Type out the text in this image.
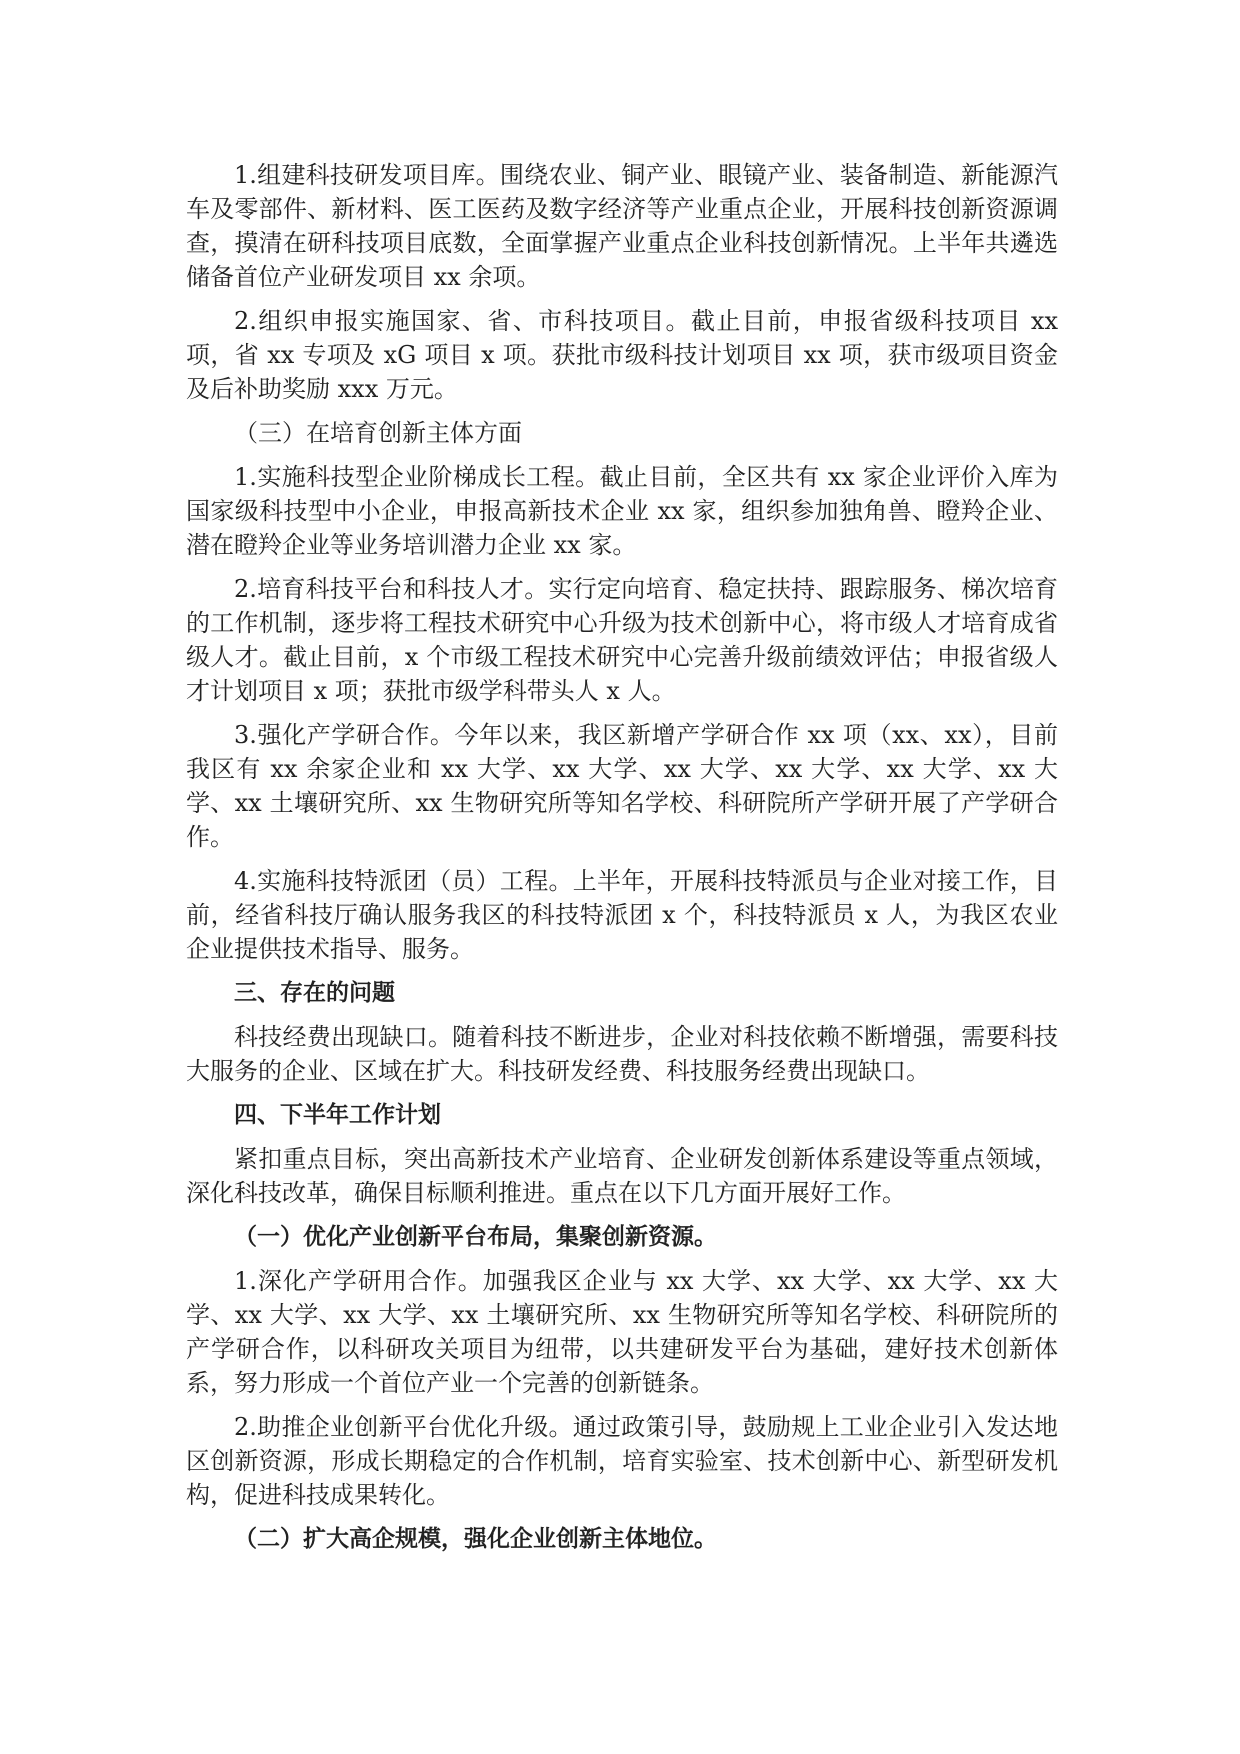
1.组建科技研发项目库。围绕农业、铜产业、眼镜产业、装备制造、新能源汽车及零部件、新材料、医工医药及数字经济等产业重点企业，开展科技创新资源调查，摸清在研科技项目底数，全面掌握产业重点企业科技创新情况。上半年共遴选储备首位产业研发项目 xx 余项。

2.组织申报实施国家、省、市科技项目。截止目前，申报省级科技项目 xx 项，省 xx 专项及 xG 项目 x 项。获批市级科技计划项目 xx 项，获市级项目资金及后补助奖励 xxx 万元。

（三）在培育创新主体方面

1.实施科技型企业阶梯成长工程。截止目前，全区共有 xx 家企业评价入库为国家级科技型中小企业，申报高新技术企业 xx 家，组织参加独角兽、瞪羚企业、潜在瞪羚企业等业务培训潜力企业 xx 家。

2.培育科技平台和科技人才。实行定向培育、稳定扶持、跟踪服务、梯次培育的工作机制，逐步将工程技术研究中心升级为技术创新中心，将市级人才培育成省级人才。截止目前，x 个市级工程技术研究中心完善升级前绩效评估；申报省级人才计划项目 x 项；获批市级学科带头人 x 人。

3.强化产学研合作。今年以来，我区新增产学研合作 xx 项（xx、xx），目前我区有 xx 余家企业和 xx 大学、xx 大学、xx 大学、xx 大学、xx 大学、xx 大学、xx 土壤研究所、xx 生物研究所等知名学校、科研院所产学研开展了产学研合作。

4.实施科技特派团（员）工程。上半年，开展科技特派员与企业对接工作，目前，经省科技厅确认服务我区的科技特派团 x 个，科技特派员 x 人，为我区农业企业提供技术指导、服务。

三、存在的问题

科技经费出现缺口。随着科技不断进步，企业对科技依赖不断增强，需要科技大服务的企业、区域在扩大。科技研发经费、科技服务经费出现缺口。

四、下半年工作计划

紧扣重点目标，突出高新技术产业培育、企业研发创新体系建设等重点领域，深化科技改革，确保目标顺利推进。重点在以下几方面开展好工作。

（一）优化产业创新平台布局，集聚创新资源。

1.深化产学研用合作。加强我区企业与 xx 大学、xx 大学、xx 大学、xx 大学、xx 大学、xx 大学、xx 土壤研究所、xx 生物研究所等知名学校、科研院所的产学研合作，以科研攻关项目为纽带，以共建研发平台为基础，建好技术创新体系，努力形成一个首位产业一个完善的创新链条。

2.助推企业创新平台优化升级。通过政策引导，鼓励规上工业企业引入发达地区创新资源，形成长期稳定的合作机制，培育实验室、技术创新中心、新型研发机构，促进科技成果转化。

（二）扩大高企规模，强化企业创新主体地位。
